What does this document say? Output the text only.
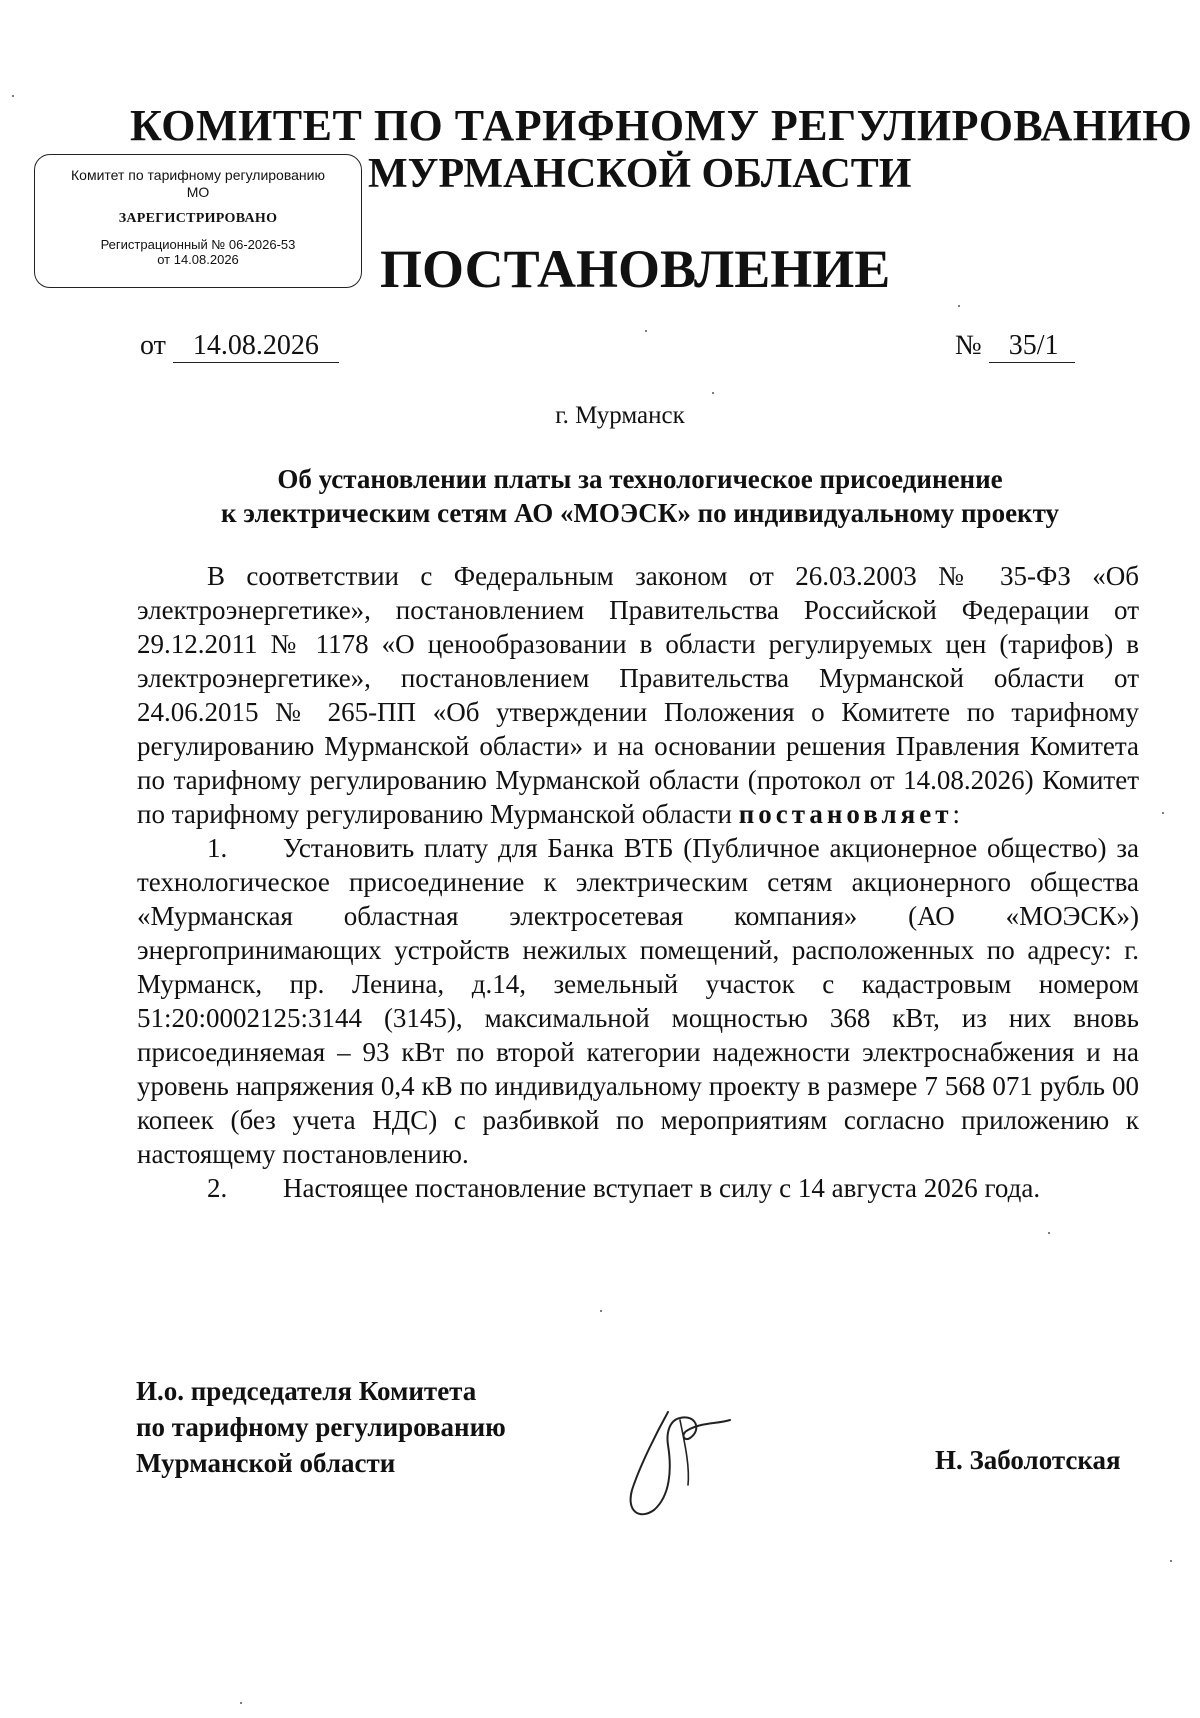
КОМИТЕТ ПО ТАРИФНОМУ РЕГУЛИРОВАНИЮ
Комитет по тарифному регулированию МО
ЗАРЕГИСТРИРОВАНО
Регистрационный № 06-2026-53
от 14.08.2026
МУРМАНСКОЙ ОБЛАСТИ
ПОСТАНОВЛЕНИЕ
от 14.08.2026	№ 35/1
г. Мурманск
Об установлении платы за технологическое присоединение
к электрическим сетям АО «МОЭСК» по индивидуальному проекту

В соответствии с Федеральным законом от 26.03.2003 № 35-ФЗ «Об электроэнергетике», постановлением Правительства Российской Федерации от 29.12.2011 № 1178 «О ценообразовании в области регулируемых цен (тарифов) в электроэнергетике», постановлением Правительства Мурманской области от 24.06.2015 № 265-ПП «Об утверждении Положения о Комитете по тарифному регулированию Мурманской области» и на основании решения Правления Комитета по тарифному регулированию Мурманской области (протокол от 14.08.2026) Комитет по тарифному регулированию Мурманской области постановляет:

1. Установить плату для Банка ВТБ (Публичное акционерное общество) за технологическое присоединение к электрическим сетям акционерного общества «Мурманская областная электросетевая компания» (АО «МОЭСК») энергопринимающих устройств нежилых помещений, расположенных по адресу: г. Мурманск, пр. Ленина, д.14, земельный участок с кадастровым номером 51:20:0002125:3144 (3145), максимальной мощностью 368 кВт, из них вновь присоединяемая – 93 кВт по второй категории надежности электроснабжения и на уровень напряжения 0,4 кВ по индивидуальному проекту в размере 7 568 071 рубль 00 копеек (без учета НДС) с разбивкой по мероприятиям согласно приложению к настоящему постановлению.

2. Настоящее постановление вступает в силу с 14 августа 2026 года.

И.о. председателя Комитета
по тарифному регулированию
Мурманской области	Н. Заболотская
